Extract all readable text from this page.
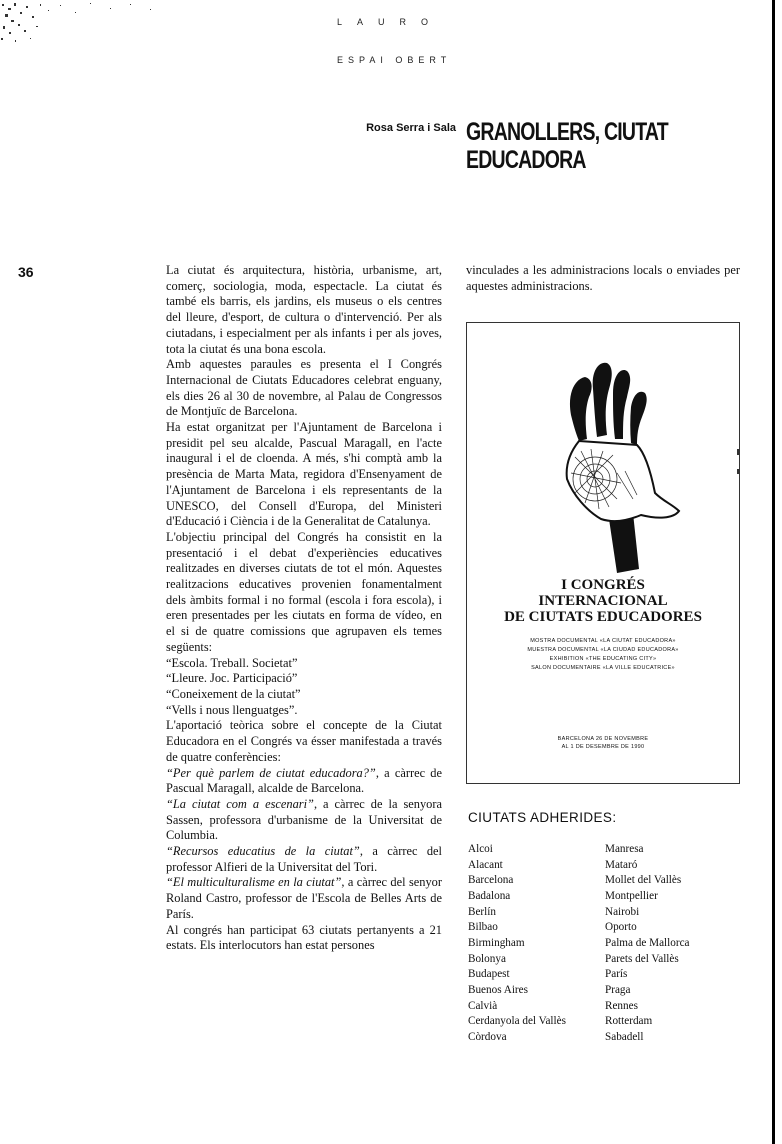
LAURO
ESPAI OBERT
Rosa Serra i Sala GRANOLLERS, CIUTAT EDUCADORA
36	La ciutat és arquitectura, història, urbanisme, art, comerç, sociologia, moda, espectacle. La ciutat és també els barris, els jardins, els museus o els centres del lleure, d'esport, de cultura o d'intervenció. Per als ciutadans, i especialment per als infants i per als joves, tota la ciutat és una bona escola.

Amb aquestes paraules es presenta el I Congrés Internacional de Ciutats Educadores celebrat enguany, els dies 26 al 30 de novembre, al Palau de Congressos de Montjuïc de Barcelona.

Ha estat organitzat per l'Ajuntament de Barcelona i presidit pel seu alcalde, Pascual Maragall, en l'acte inaugural i el de cloenda. A més, s'hi comptà amb la presència de Marta Mata, regidora d'Ensenyament de l'Ajuntament de Barcelona i els representants de la UNESCO, del Consell d'Europa, del Ministeri d'Educació i Ciència i de la Generalitat de Catalunya.

L'objectiu principal del Congrés ha consistit en la presentació i el debat d'experiències educatives realitzades en diverses ciutats de tot el món. Aquestes realitzacions educatives provenien fonamentalment dels àmbits formal i no formal (escola i fora escola), i eren presentades per les ciutats en forma de vídeo, en el si de quatre comissions que agrupaven els temes següents:

“Escola. Treball. Societat”

“Lleure. Joc. Participació”

“Coneixement de la ciutat”

“Vells i nous llenguatges”.

L'aportació teòrica sobre el concepte de la Ciutat Educadora en el Congrés va ésser manifestada a través de quatre conferències:

“Per què parlem de ciutat educadora?”, a càrrec de Pascual Maragall, alcalde de Barcelona.

“La ciutat com a escenari”, a càrrec de la senyora Sassen, professora d'urbanisme de la Universitat de Columbia.

“Recursos educatius de la ciutat”, a càrrec del professor Alfieri de la Universitat del Tori.

“El multiculturalisme en la ciutat”, a càrrec del senyor Roland Castro, professor de l'Escola de Belles Arts de París.

Al congrés han participat 63 ciutats pertanyents a 21 estats. Els interlocutors han estat persones

vinculades a les administracions locals o enviades per aquestes administracions.

I CONGRÉS
INTERNACIONAL
DE CIUTATS EDUCADORES
MOSTRA DOCUMENTAL «LA CIUTAT EDUCADORA»
MUESTRA DOCUMENTAL «LA CIUDAD EDUCADORA»
EXHIBITION «THE EDUCATING CITY»
SALON DOCUMENTAIRE «LA VILLE EDUCATRICE»
BARCELONA 26 DE NOVEMBRE
AL 1 DE DESEMBRE DE 1990
CIUTATS ADHERIDES:
Alcoi
Alacant
Barcelona
Badalona
Berlín
Bilbao
Birmingham
Bolonya
Budapest
Buenos Aires
Calvià
Cerdanyola del Vallès
Còrdova
Manresa
Mataró
Mollet del Vallès
Montpellier
Nairobi
Oporto
Palma de Mallorca
Parets del Vallès
París
Praga
Rennes
Rotterdam
Sabadell
